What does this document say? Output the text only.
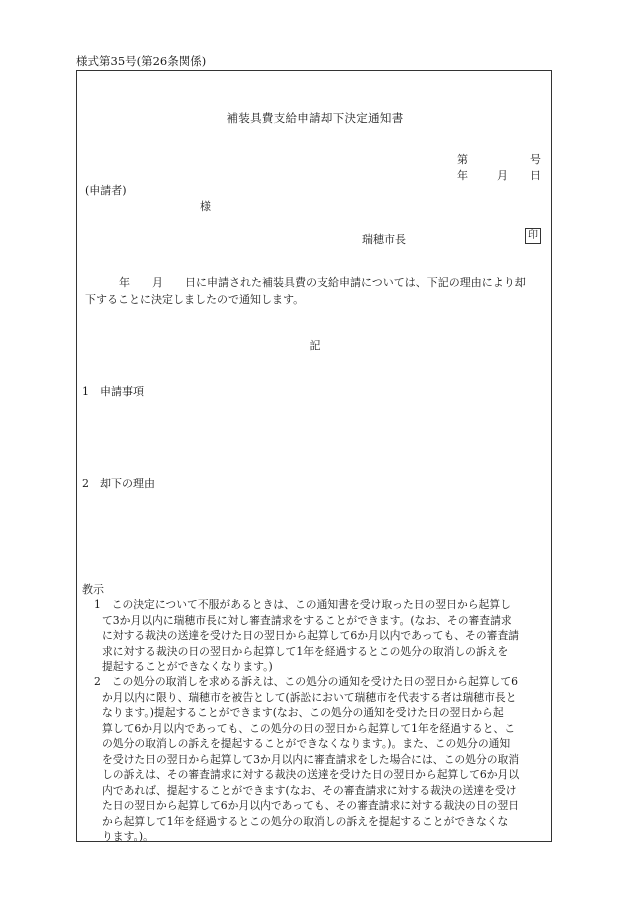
様式第35号(第26条関係)
補装具費支給申請却下決定通知書
第	号
年	月 日
(申請者)
様
瑞穂市長	印
年　　月　　日に申請された補装具費の支給申請については、下記の理由により却
下することに決定しましたので通知します。
記
1　申請事項
2　却下の理由
教示
1　この決定について不服があるときは、この通知書を受け取った日の翌日から起算し
て3か月以内に瑞穂市長に対し審査請求をすることができます。(なお、その審査請求
に対する裁決の送達を受けた日の翌日から起算して6か月以内であっても、その審査請
求に対する裁決の日の翌日から起算して1年を経過するとこの処分の取消しの訴えを
提起することができなくなります。)
2　この処分の取消しを求める訴えは、この処分の通知を受けた日の翌日から起算して6
か月以内に限り、瑞穂市を被告として(訴訟において瑞穂市を代表する者は瑞穂市長と
なります。)提起することができます(なお、この処分の通知を受けた日の翌日から起
算して6か月以内であっても、この処分の日の翌日から起算して1年を経過すると、こ
の処分の取消しの訴えを提起することができなくなります。)。また、この処分の通知
を受けた日の翌日から起算して3か月以内に審査請求をした場合には、この処分の取消
しの訴えは、その審査請求に対する裁決の送達を受けた日の翌日から起算して6か月以
内であれば、提起することができます(なお、その審査請求に対する裁決の送達を受け
た日の翌日から起算して6か月以内であっても、その審査請求に対する裁決の日の翌日
から起算して1年を経過するとこの処分の取消しの訴えを提起することができなくな
ります。)。
